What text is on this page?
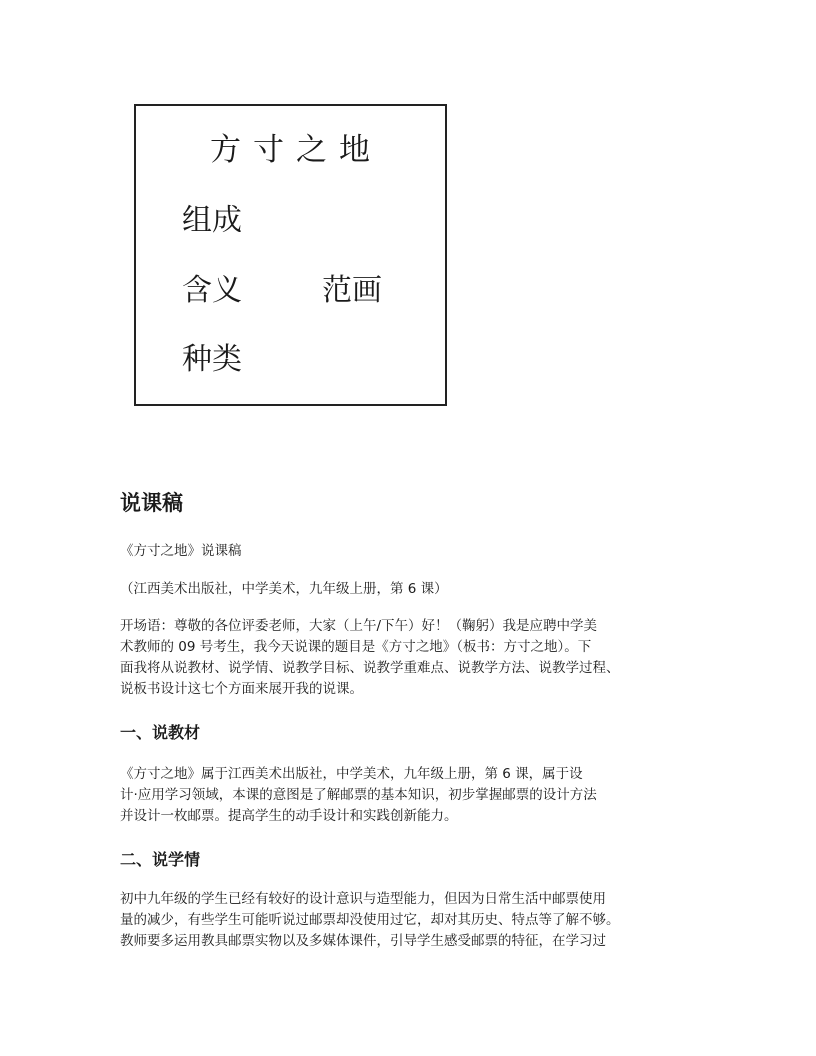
方寸之地
组成
含义	范画
种类
说课稿
《方寸之地》说课稿
（江西美术出版社，中学美术，九年级上册，第 6 课）
开场语：尊敬的各位评委老师，大家（上午/下午）好！（鞠躬）我是应聘中学美
术教师的 09 号考生，我今天说课的题目是《方寸之地》（板书：方寸之地）。下
面我将从说教材、说学情、说教学目标、说教学重难点、说教学方法、说教学过程、
说板书设计这七个方面来展开我的说课。
一、说教材
《方寸之地》属于江西美术出版社，中学美术，九年级上册，第 6 课，属于设
计·应用学习领域，本课的意图是了解邮票的基本知识，初步掌握邮票的设计方法
并设计一枚邮票。提高学生的动手设计和实践创新能力。
二、说学情
初中九年级的学生已经有较好的设计意识与造型能力，但因为日常生活中邮票使用
量的减少，有些学生可能听说过邮票却没使用过它，却对其历史、特点等了解不够。
教师要多运用教具邮票实物以及多媒体课件，引导学生感受邮票的特征，在学习过
